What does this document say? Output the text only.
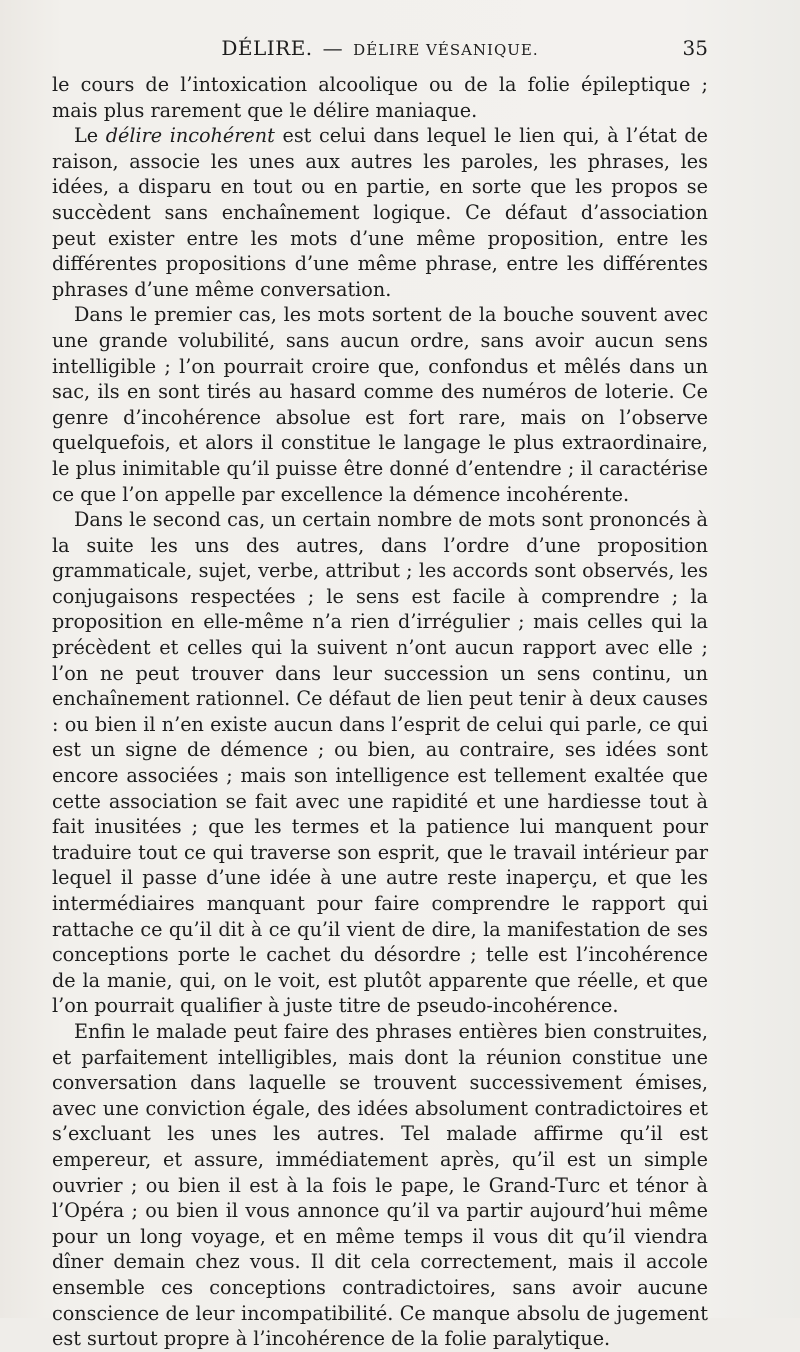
DÉLIRE. — DÉLIRE VÉSANIQUE.	35

le cours de l’intoxication alcoolique ou de la folie épileptique ; mais plus rarement que le délire maniaque.

Le délire incohérent est celui dans lequel le lien qui, à l’état de raison, associe les unes aux autres les paroles, les phrases, les idées, a disparu en tout ou en partie, en sorte que les propos se succèdent sans enchaînement logique. Ce défaut d’association peut exister entre les mots d’une même proposition, entre les différentes propositions d’une même phrase, entre les différentes phrases d’une même conversation.

Dans le premier cas, les mots sortent de la bouche souvent avec une grande volubilité, sans aucun ordre, sans avoir aucun sens intelligible ; l’on pourrait croire que, confondus et mêlés dans un sac, ils en sont tirés au hasard comme des numéros de loterie. Ce genre d’incohérence absolue est fort rare, mais on l’observe quelquefois, et alors il constitue le langage le plus extraordinaire, le plus inimitable qu’il puisse être donné d’entendre ; il caractérise ce que l’on appelle par excellence la démence incohérente.

Dans le second cas, un certain nombre de mots sont prononcés à la suite les uns des autres, dans l’ordre d’une proposition grammaticale, sujet, verbe, attribut ; les accords sont observés, les conjugaisons respectées ; le sens est facile à comprendre ; la proposition en elle-même n’a rien d’irrégulier ; mais celles qui la précèdent et celles qui la suivent n’ont aucun rapport avec elle ; l’on ne peut trouver dans leur succession un sens continu, un enchaînement rationnel. Ce défaut de lien peut tenir à deux causes : ou bien il n’en existe aucun dans l’esprit de celui qui parle, ce qui est un signe de démence ; ou bien, au contraire, ses idées sont encore associées ; mais son intelligence est tellement exaltée que cette association se fait avec une rapidité et une hardiesse tout à fait inusitées ; que les termes et la patience lui manquent pour traduire tout ce qui traverse son esprit, que le travail intérieur par lequel il passe d’une idée à une autre reste inaperçu, et que les intermédiaires manquant pour faire comprendre le rapport qui rattache ce qu’il dit à ce qu’il vient de dire, la manifestation de ses conceptions porte le cachet du désordre ; telle est l’incohérence de la manie, qui, on le voit, est plutôt apparente que réelle, et que l’on pourrait qualifier à juste titre de pseudo-incohérence.

Enfin le malade peut faire des phrases entières bien construites, et parfaitement intelligibles, mais dont la réunion constitue une conversation dans laquelle se trouvent successivement émises, avec une conviction égale, des idées absolument contradictoires et s’excluant les unes les autres. Tel malade affirme qu’il est empereur, et assure, immédiatement après, qu’il est un simple ouvrier ; ou bien il est à la fois le pape, le Grand-Turc et ténor à l’Opéra ; ou bien il vous annonce qu’il va partir aujourd’hui même pour un long voyage, et en même temps il vous dit qu’il viendra dîner demain chez vous. Il dit cela correctement, mais il accole ensemble ces conceptions contradictoires, sans avoir aucune conscience de leur incompatibilité. Ce manque absolu de jugement est surtout propre à l’incohérence de la folie paralytique.
